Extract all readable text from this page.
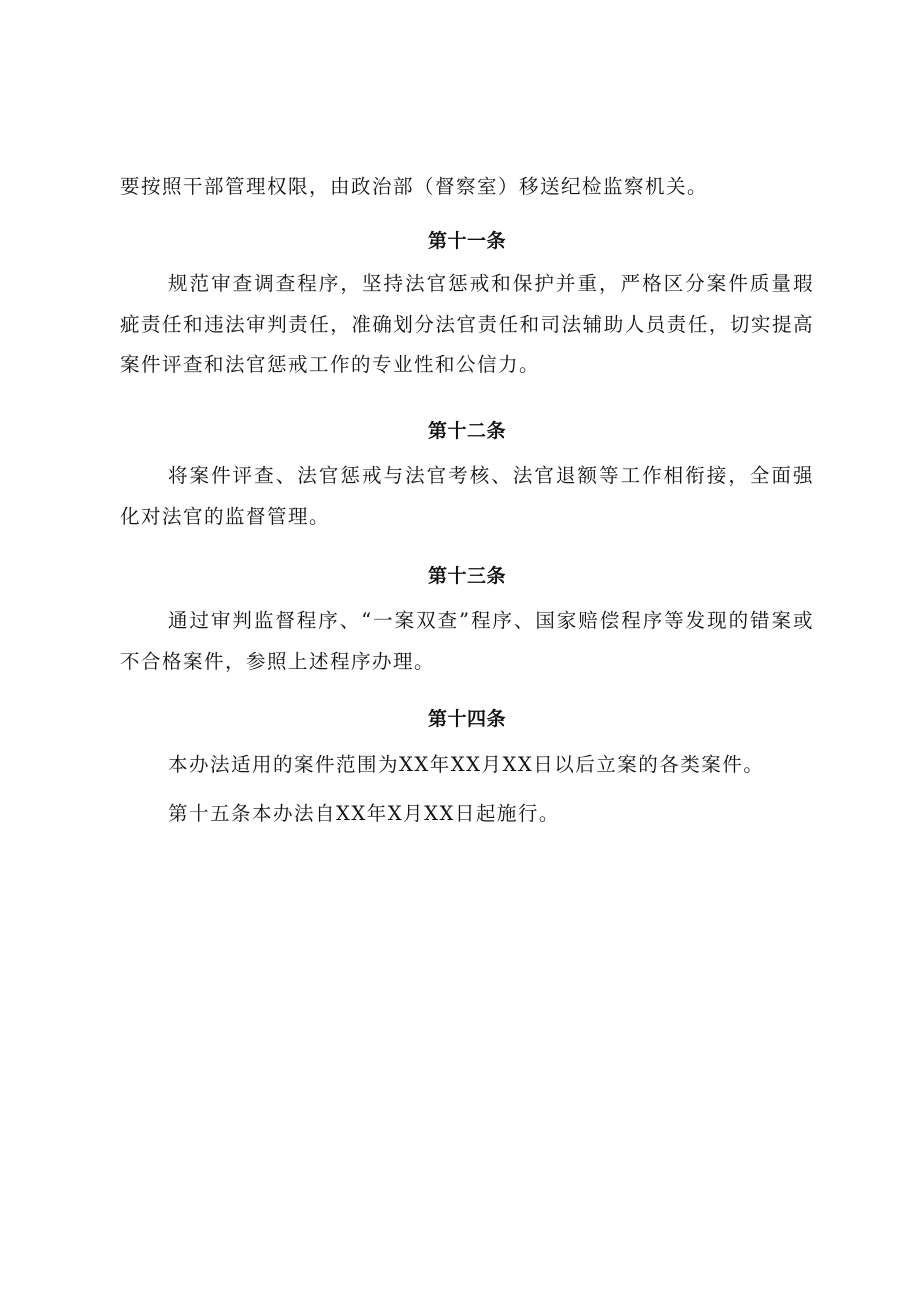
要按照干部管理权限，由政治部（督察室）移送纪检监察机关。

第十一条

规范审查调查程序，坚持法官惩戒和保护并重，严格区分案件质量瑕疵责任和违法审判责任，准确划分法官责任和司法辅助人员责任，切实提高案件评查和法官惩戒工作的专业性和公信力。

第十二条

将案件评查、法官惩戒与法官考核、法官退额等工作相衔接，全面强化对法官的监督管理。

第十三条

通过审判监督程序、“一案双查”程序、国家赔偿程序等发现的错案或不合格案件，参照上述程序办理。

第十四条

本办法适用的案件范围为XX年XX月XX日以后立案的各类案件。

第十五条本办法自XX年X月XX日起施行。
